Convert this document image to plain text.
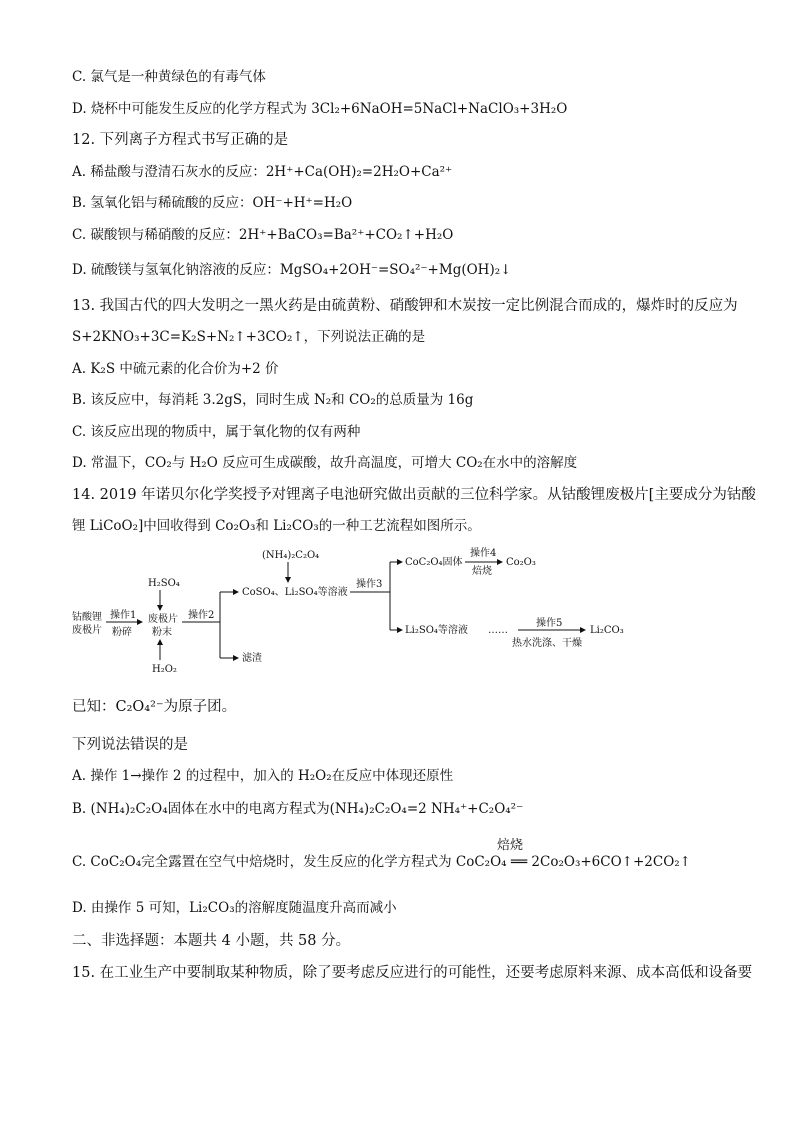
C. 氯气是一种黄绿色的有毒气体
D. 烧杯中可能发生反应的化学方程式为 3Cl₂+6NaOH=5NaCl+NaClO₃+3H₂O
12. 下列离子方程式书写正确的是
A. 稀盐酸与澄清石灰水的反应：2H⁺+Ca(OH)₂=2H₂O+Ca²⁺
B. 氢氧化铝与稀硫酸的反应：OH⁻+H⁺=H₂O
C. 碳酸钡与稀硝酸的反应：2H⁺+BaCO₃=Ba²⁺+CO₂↑+H₂O
D. 硫酸镁与氢氧化钠溶液的反应：MgSO₄+2OH⁻=SO₄²⁻+Mg(OH)₂↓
13. 我国古代的四大发明之一黑火药是由硫黄粉、硝酸钾和木炭按一定比例混合而成的，爆炸时的反应为
S+2KNO₃+3C=K₂S+N₂↑+3CO₂↑，下列说法正确的是
A. K₂S 中硫元素的化合价为+2 价
B. 该反应中，每消耗 3.2gS，同时生成 N₂和 CO₂的总质量为 16g
C. 该反应出现的物质中，属于氧化物的仅有两种
D. 常温下，CO₂与 H₂O 反应可生成碳酸，故升高温度，可增大 CO₂在水中的溶解度
14. 2019 年诺贝尔化学奖授予对锂离子电池研究做出贡献的三位科学家。从钴酸锂废极片[主要成分为钴酸
锂 LiCoO₂]中回收得到 Co₂O₃和 Li₂CO₃的一种工艺流程如图所示。
钴酸锂
废极片
操作1
粉碎
H₂SO₄
废极片
粉末
H₂O₂
操作2
CoSO₄、Li₂SO₄等溶液
滤渣
(NH₄)₂C₂O₄
操作3
CoC₂O₄固体
操作4
焙烧
Co₂O₃
Li₂SO₄等溶液 ……
操作5
热水洗涤、干燥
Li₂CO₃
已知：C₂O₄²⁻为原子团。
下列说法错误的是
A. 操作 1→操作 2 的过程中，加入的 H₂O₂在反应中体现还原性
B. (NH₄)₂C₂O₄固体在水中的电离方程式为(NH₄)₂C₂O₄=2 NH₄⁺+C₂O₄²⁻
焙烧
C. CoC₂O₄完全露置在空气中焙烧时，发生反应的化学方程式为 CoC₂O₄ ══ 2Co₂O₃+6CO↑+2CO₂↑
D. 由操作 5 可知，Li₂CO₃的溶解度随温度升高而减小
二、非选择题：本题共 4 小题，共 58 分。
15. 在工业生产中要制取某种物质，除了要考虑反应进行的可能性，还要考虑原料来源、成本高低和设备要
